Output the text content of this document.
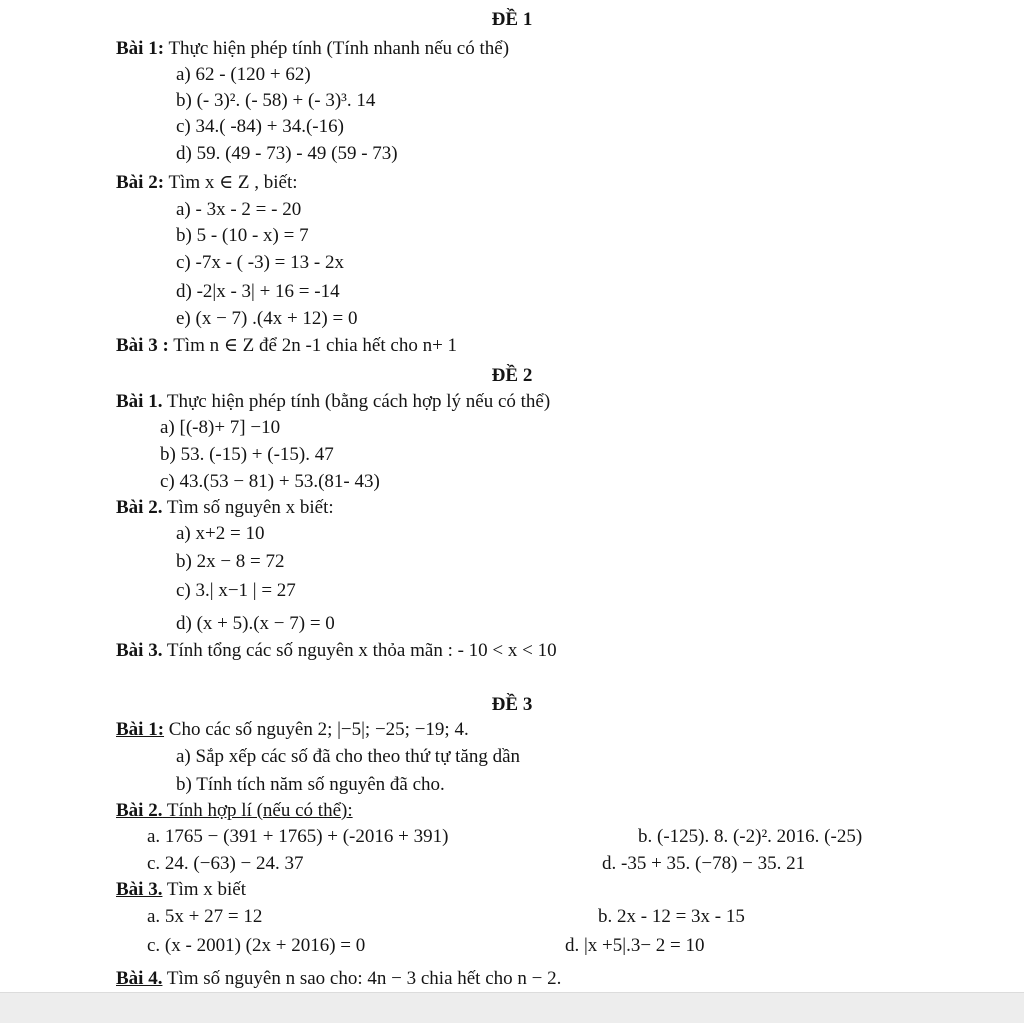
ĐỀ 1
Bài 1: Thực hiện phép tính (Tính nhanh nếu có thể)
a) 62 - (120 + 62)
b) (- 3)². (- 58) + (- 3)³. 14
c) 34.( -84) + 34.(-16)
d) 59. (49 - 73) - 49 (59 - 73)
Bài 2: Tìm x ∈ Z , biết:
a) - 3x - 2 = - 20
b) 5 - (10 - x) = 7
c) -7x - ( -3) = 13 - 2x
d) -2|x - 3| + 16 = -14
e) (x − 7) .(4x + 12) = 0
Bài 3 : Tìm n ∈ Z để 2n -1 chia hết cho n+ 1
ĐỀ 2
Bài 1. Thực hiện phép tính (bằng cách hợp lý nếu có thể)
a) [(-8)+ 7] −10
b) 53. (-15) + (-15). 47
c) 43.(53 − 81) + 53.(81- 43)
Bài 2. Tìm số nguyên x biết:
a) x+2 = 10
b) 2x − 8 = 72
c) 3.| x−1 | = 27
d) (x + 5).(x − 7) = 0
Bài 3. Tính tổng các số nguyên x thỏa mãn : - 10 < x < 10
ĐỀ 3
Bài 1: Cho các số nguyên 2; |−5|; −25; −19; 4.
a) Sắp xếp các số đã cho theo thứ tự tăng dần
b) Tính tích năm số nguyên đã cho.
Bài 2. Tính hợp lí (nếu có thể):
a. 1765 − (391 + 1765) + (-2016 + 391)	b. (-125). 8. (-2)². 2016. (-25)
c. 24. (−63) − 24. 37	d. -35 + 35. (−78) − 35. 21
Bài 3. Tìm x biết
a. 5x + 27 = 12	b. 2x - 12 = 3x - 15
c. (x - 2001) (2x + 2016) = 0	d. |x +5|.3− 2 = 10
Bài 4. Tìm số nguyên n sao cho: 4n − 3 chia hết cho n − 2.
